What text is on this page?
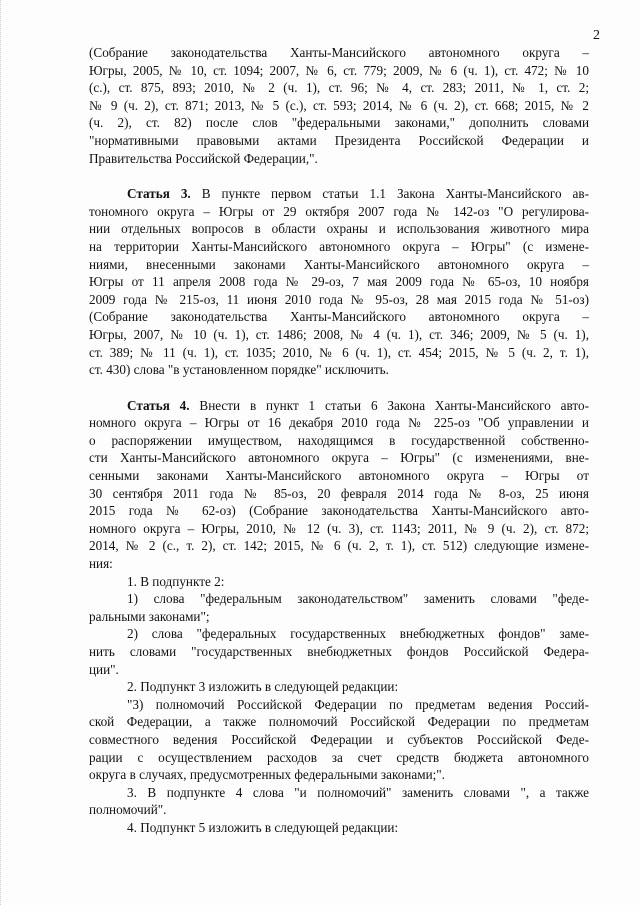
2
(Собрание законодательства Ханты-Мансийского автономного округа –
Югры, 2005, № 10, ст. 1094; 2007, № 6, ст. 779; 2009, № 6 (ч. 1), ст. 472; № 10
(с.), ст. 875, 893; 2010, № 2 (ч. 1), ст. 96; № 4, ст. 283; 2011, № 1, ст. 2;
№ 9 (ч. 2), ст. 871; 2013, № 5 (с.), ст. 593; 2014, № 6 (ч. 2), ст. 668; 2015, № 2
(ч. 2), ст. 82) после слов "федеральными законами," дополнить словами
"нормативными правовыми актами Президента Российской Федерации и
Правительства Российской Федерации,".
Статья 3. В пункте первом статьи 1.1 Закона Ханты-Мансийского ав-
тономного округа – Югры от 29 октября 2007 года № 142-оз "О регулирова-
нии отдельных вопросов в области охраны и использования животного мира
на территории Ханты-Мансийского автономного округа – Югры" (с измене-
ниями, внесенными законами Ханты-Мансийского автономного округа –
Югры от 11 апреля 2008 года № 29-оз, 7 мая 2009 года № 65-оз, 10 ноября
2009 года № 215-оз, 11 июня 2010 года № 95-оз, 28 мая 2015 года № 51-оз)
(Собрание законодательства Ханты-Мансийского автономного округа –
Югры, 2007, № 10 (ч. 1), ст. 1486; 2008, № 4 (ч. 1), ст. 346; 2009, № 5 (ч. 1),
ст. 389; № 11 (ч. 1), ст. 1035; 2010, № 6 (ч. 1), ст. 454; 2015, № 5 (ч. 2, т. 1),
ст. 430) слова "в установленном порядке" исключить.
Статья 4. Внести в пункт 1 статьи 6 Закона Ханты-Мансийского авто-
номного округа – Югры от 16 декабря 2010 года № 225-оз "Об управлении и
о распоряжении имуществом, находящимся в государственной собственно-
сти Ханты-Мансийского автономного округа – Югры" (с изменениями, вне-
сенными законами Ханты-Мансийского автономного округа – Югры от
30 сентября 2011 года № 85-оз, 20 февраля 2014 года № 8-оз, 25 июня
2015 года № 62-оз) (Собрание законодательства Ханты-Мансийского авто-
номного округа – Югры, 2010, № 12 (ч. 3), ст. 1143; 2011, № 9 (ч. 2), ст. 872;
2014, № 2 (с., т. 2), ст. 142; 2015, № 6 (ч. 2, т. 1), ст. 512) следующие измене-
ния:
1. В подпункте 2:
1) слова "федеральным законодательством" заменить словами "феде-
ральными законами";
2) слова "федеральных государственных внебюджетных фондов" заме-
нить словами "государственных внебюджетных фондов Российской Федера-
ции".
2. Подпункт 3 изложить в следующей редакции:
"3) полномочий Российской Федерации по предметам ведения Россий-
ской Федерации, а также полномочий Российской Федерации по предметам
совместного ведения Российской Федерации и субъектов Российской Феде-
рации с осуществлением расходов за счет средств бюджета автономного
округа в случаях, предусмотренных федеральными законами;".
3. В подпункте 4 слова "и полномочий" заменить словами ", а также
полномочий".
4. Подпункт 5 изложить в следующей редакции:
